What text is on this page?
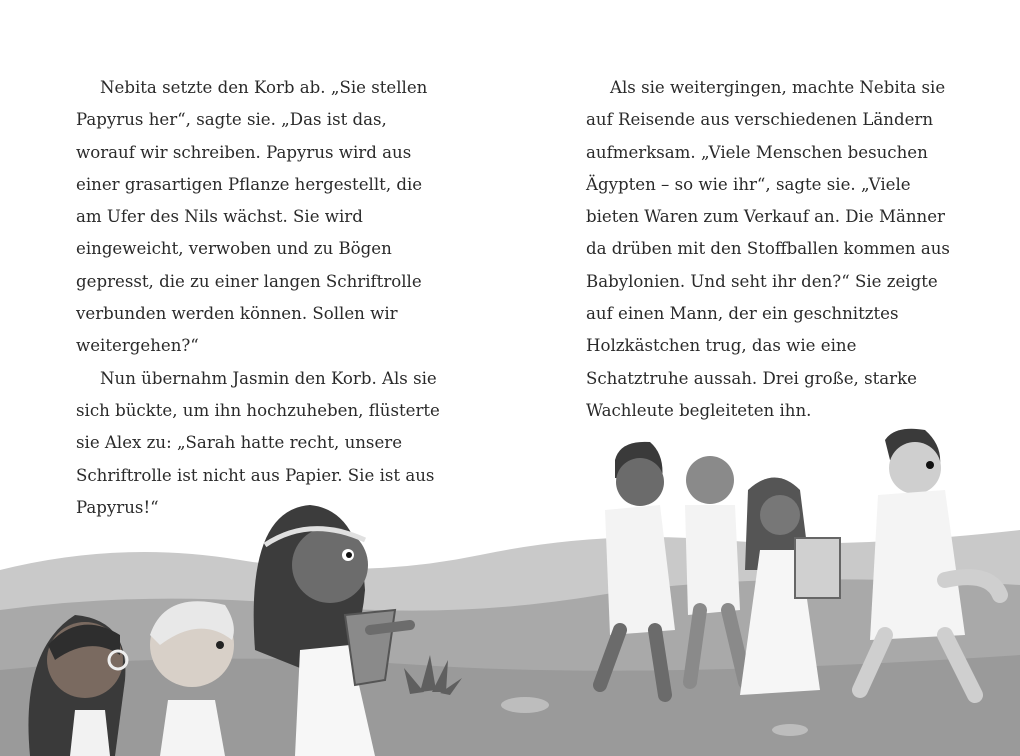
Nebita setzte den Korb ab. „Sie stellen Papyrus her“, sagte sie. „Das ist das, worauf wir schreiben. Papyrus wird aus einer grasartigen Pflanze hergestellt, die am Ufer des Nils wächst. Sie wird eingeweicht, verwoben und zu Bögen gepresst, die zu einer langen Schriftrolle verbunden werden können. Sollen wir weitergehen?“

Nun übernahm Jasmin den Korb. Als sie sich bückte, um ihn hochzuheben, flüsterte sie Alex zu: „Sarah hatte recht, unsere Schriftrolle ist nicht aus Papier. Sie ist aus Papyrus!“

Als sie weitergingen, machte Nebita sie auf Reisende aus verschiedenen Ländern aufmerksam. „Viele Menschen besuchen Ägypten – so wie ihr“, sagte sie. „Viele bieten Waren zum Verkauf an. Die Männer da drüben mit den Stoffballen kommen aus Babylonien. Und seht ihr den?“ Sie zeigte auf einen Mann, der ein geschnitztes Holzkästchen trug, das wie eine Schatztruhe aussah. Drei große, starke Wachleute begleiteten ihn.
